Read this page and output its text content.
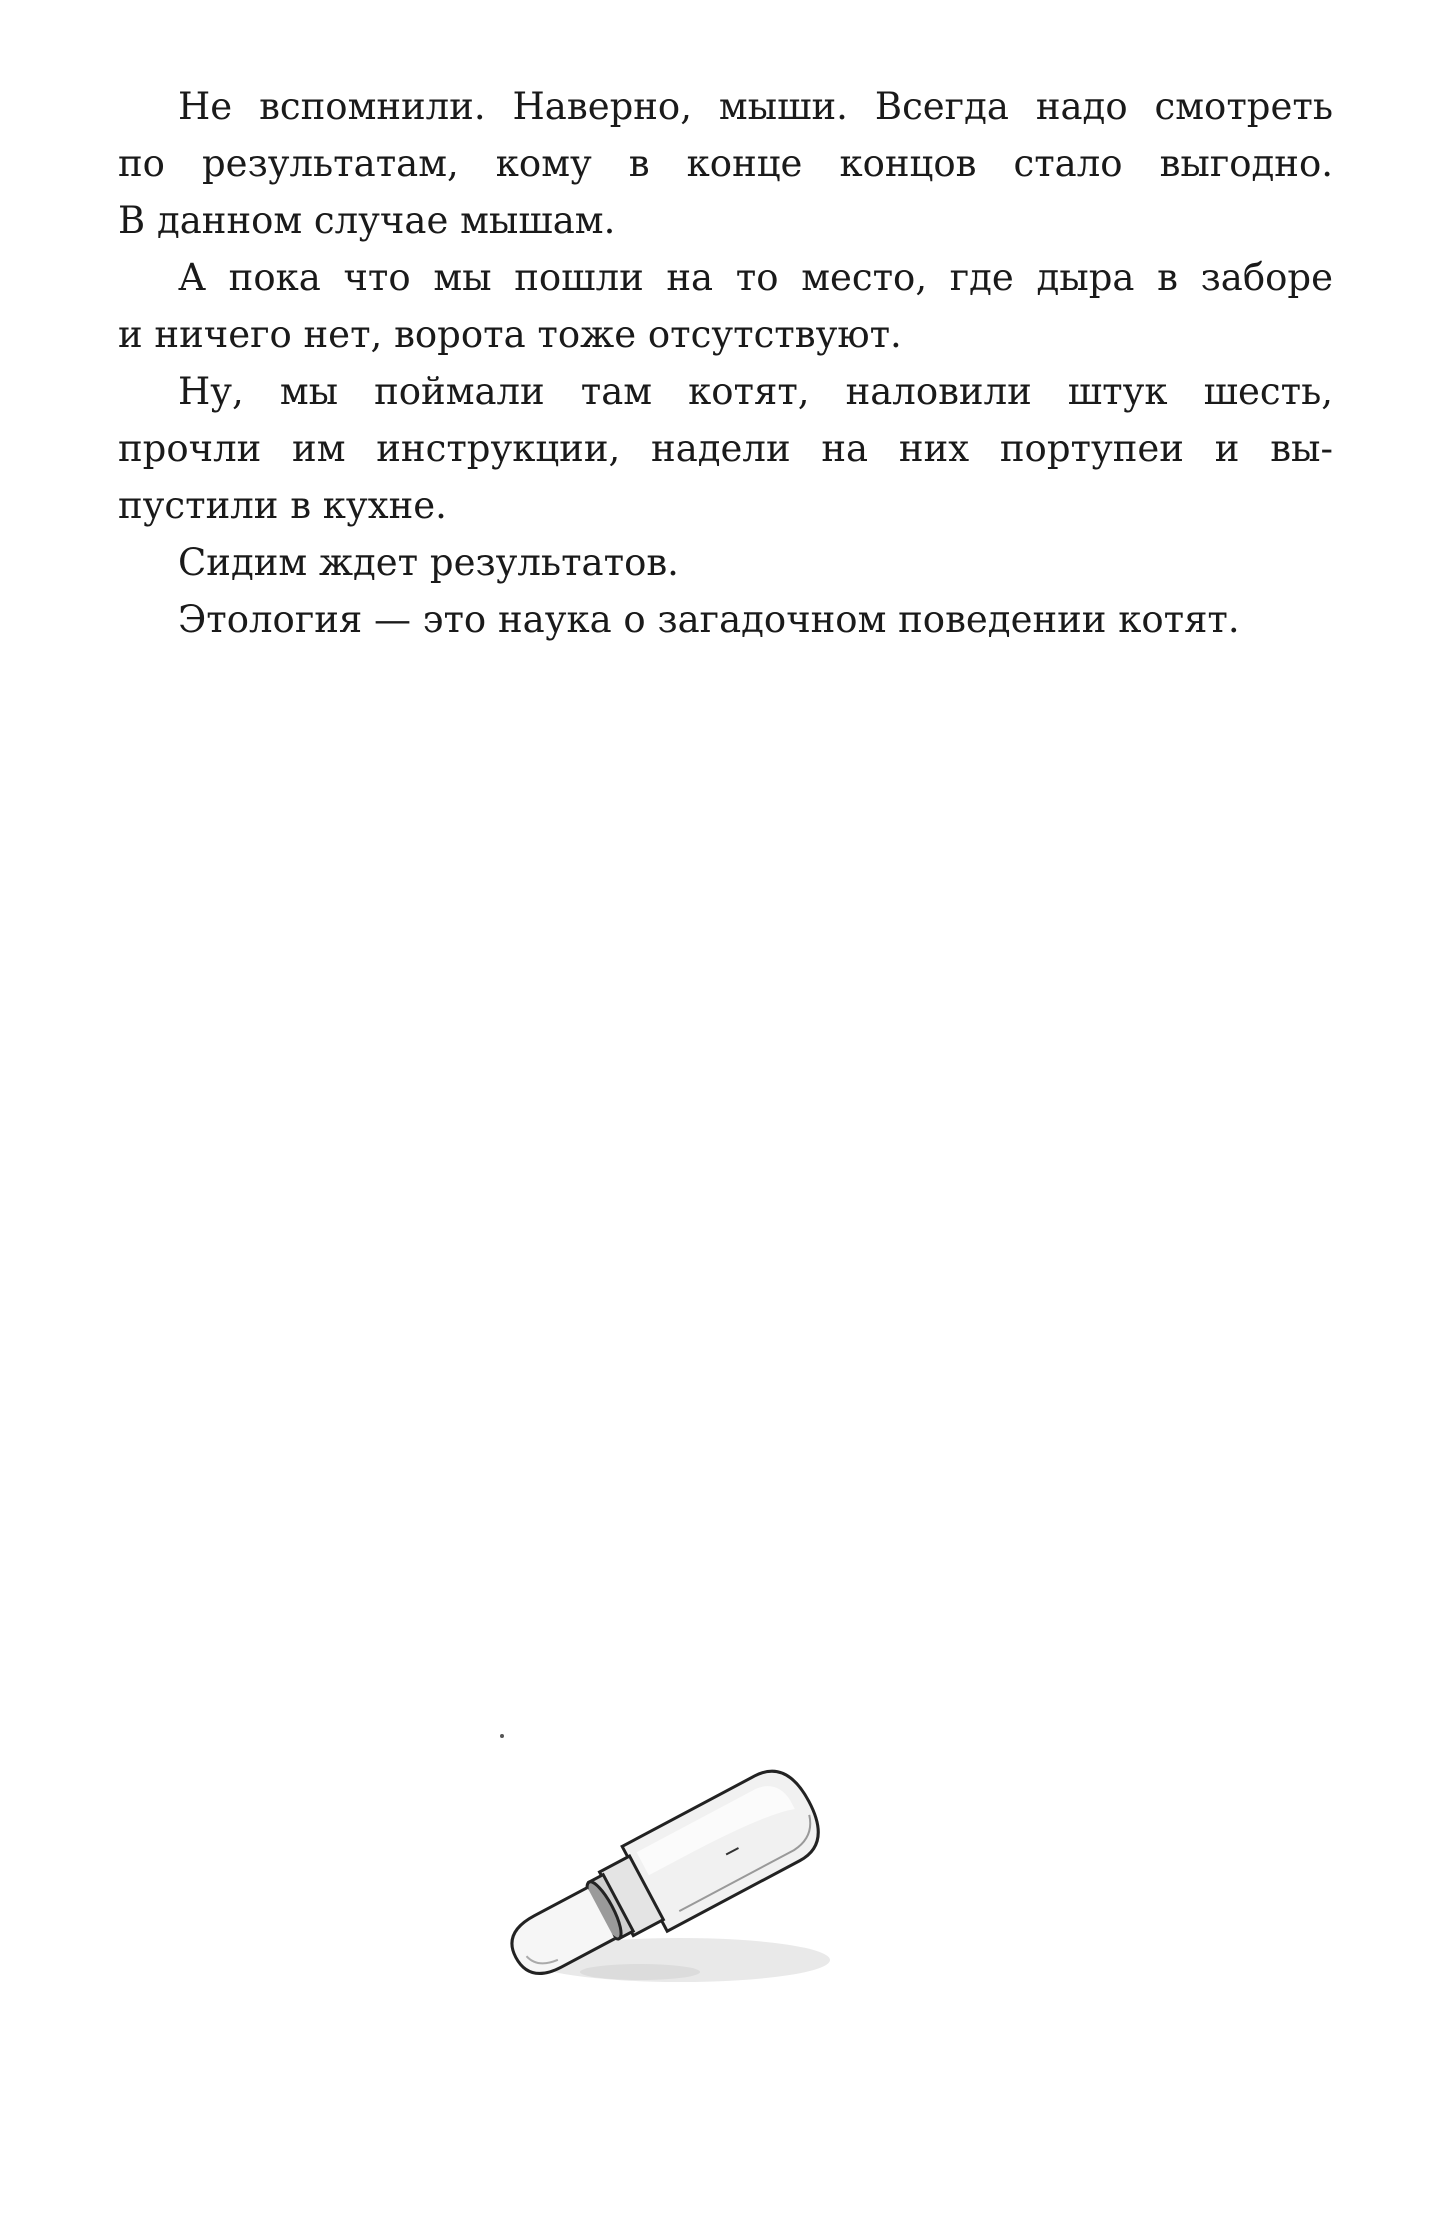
Не вспомнили. Наверно, мыши. Всегда надо смотреть
по результатам, кому в конце концов стало выгодно.
В данном случае мышам.

А пока что мы пошли на то место, где дыра в заборе
и ничего нет, ворота тоже отсутствуют.

Ну, мы поймали там котят, наловили штук шесть,
прочли им инструкции, надели на них портупеи и вы-
пустили в кухне.

Сидим ждет результатов.

Этология — это наука о загадочном поведении котят.
